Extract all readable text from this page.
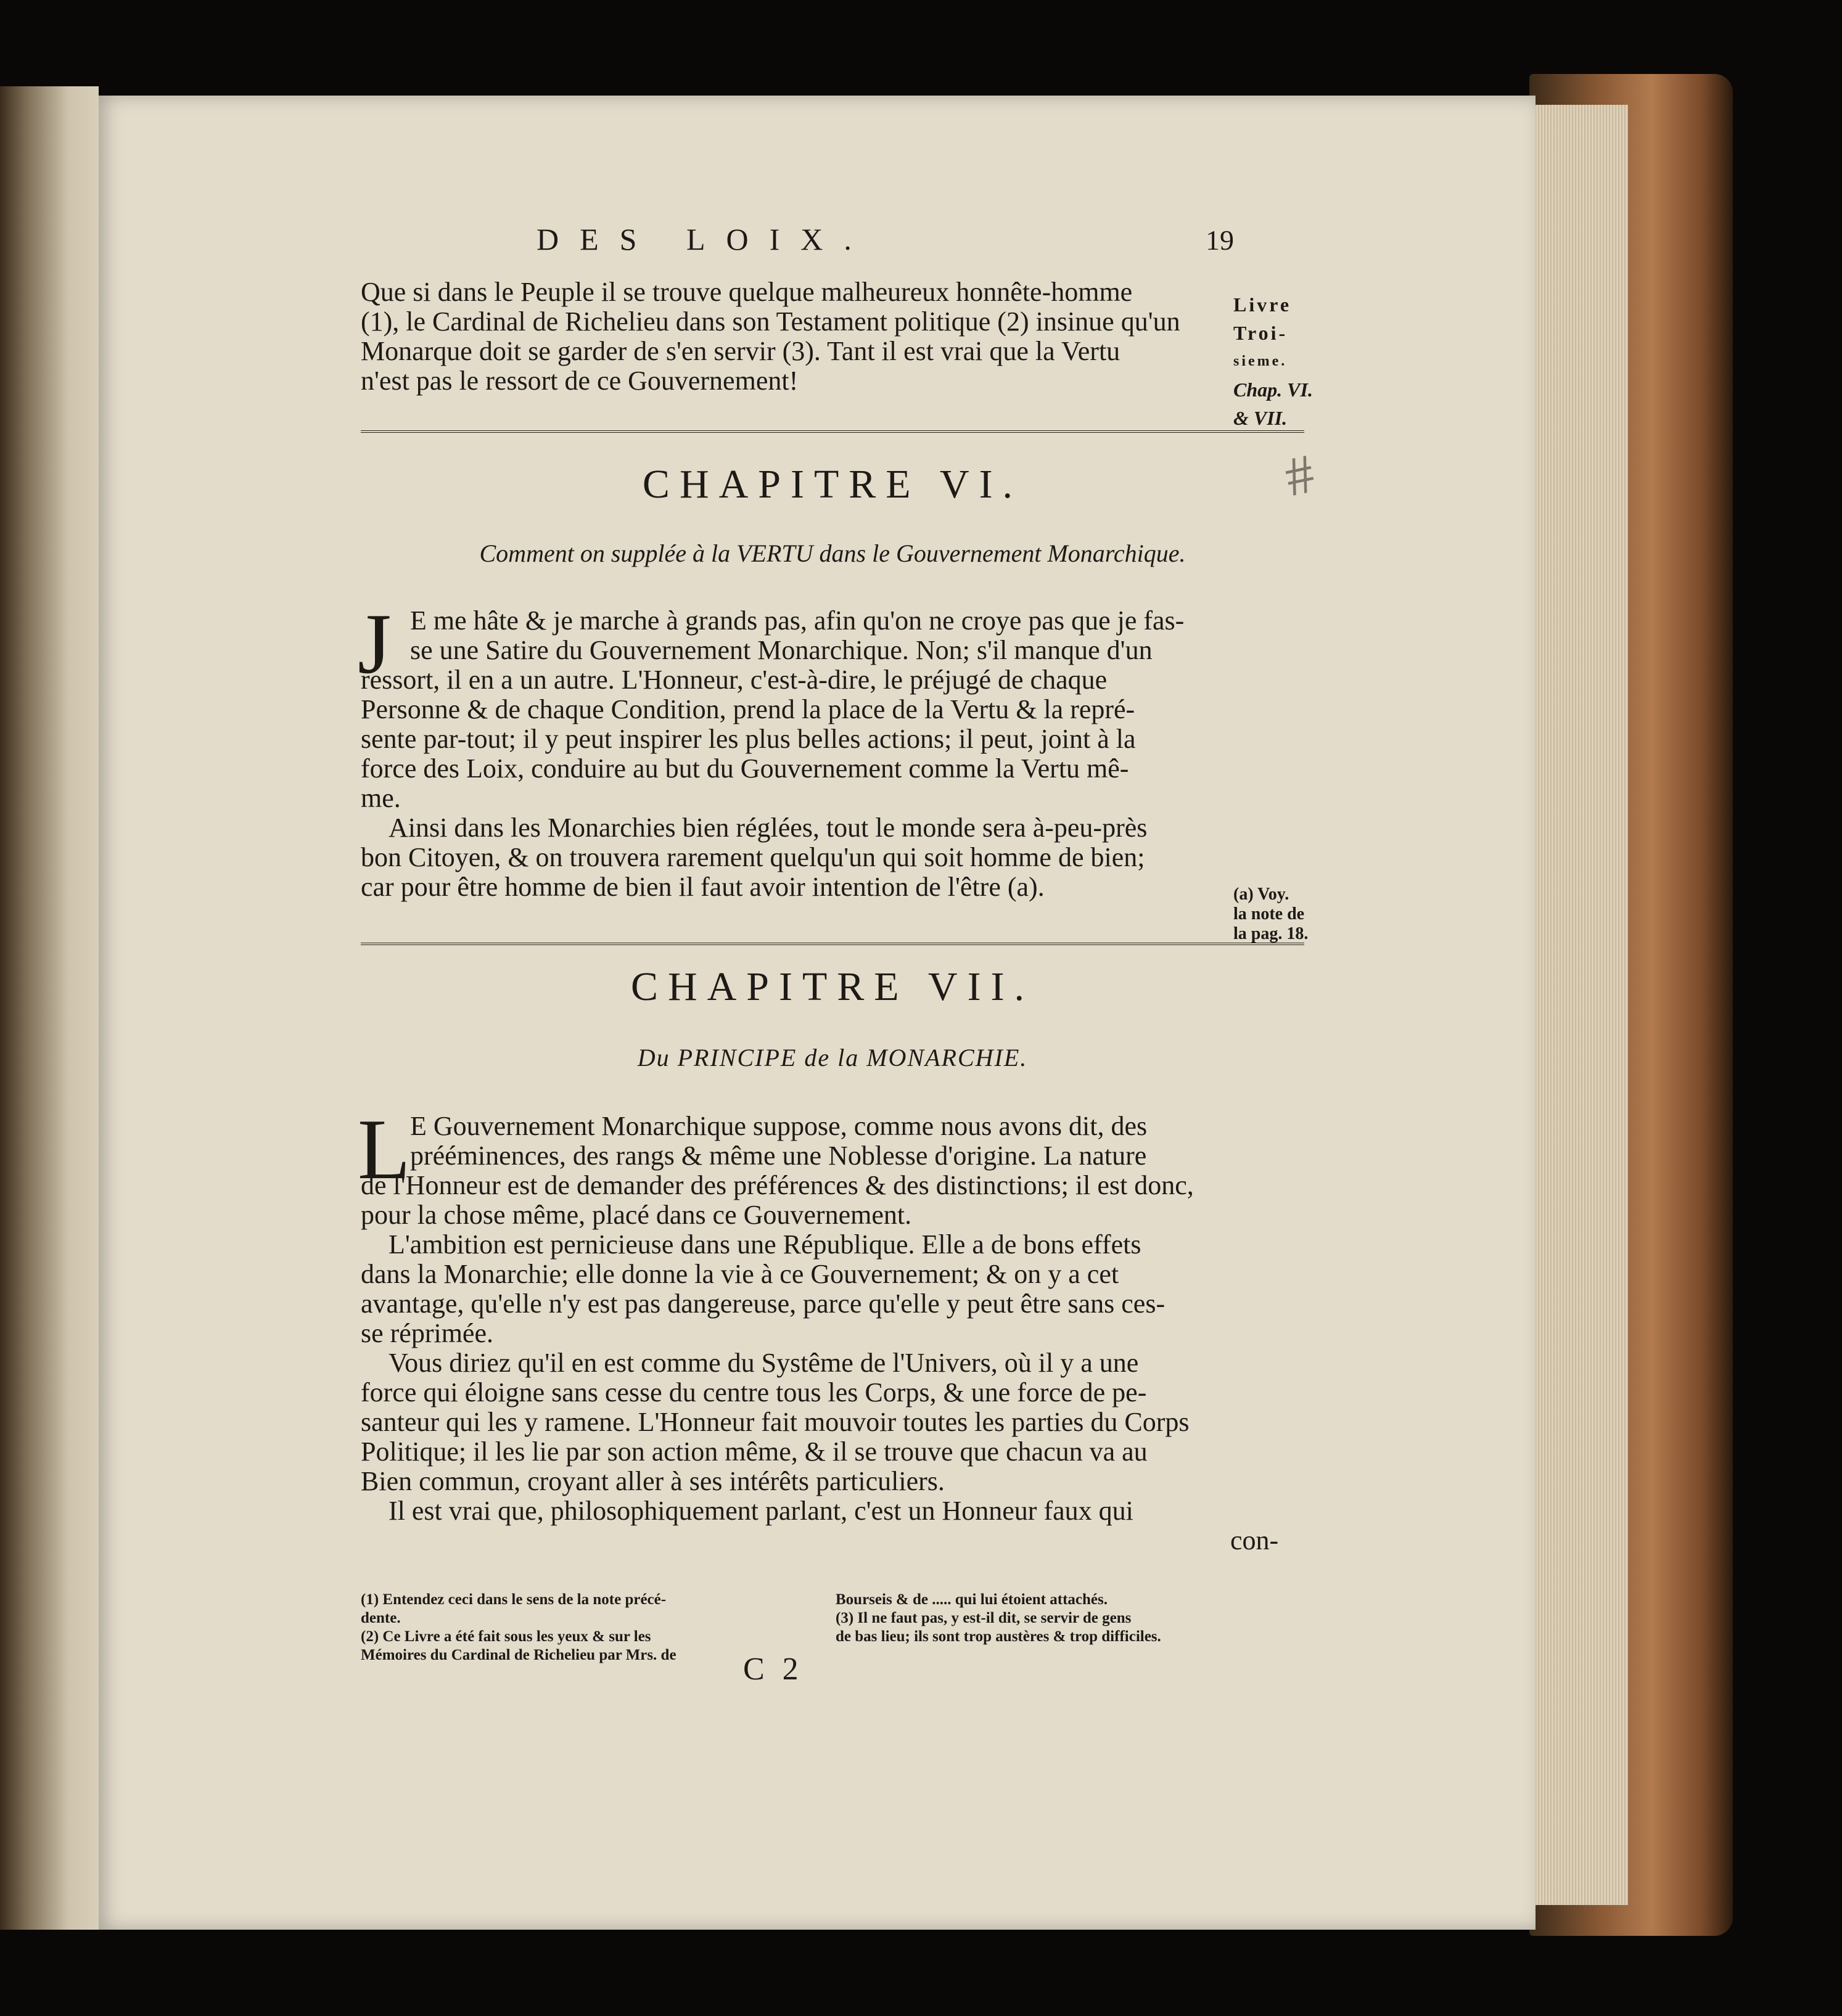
DES LOIX.	19
Livre
Troi-
sieme.
Chap. VI.
& VII.
#
Que si dans le Peuple il se trouve quelque malheureux honnête-homme
(1), le Cardinal de Richelieu dans son Testament politique (2) insinue qu'un
Monarque doit se garder de s'en servir (3). Tant il est vrai que la Vertu
n'est pas le ressort de ce Gouvernement!
CHAPITRE VI.
Comment on supplée à la VERTU dans le Gouvernement Monarchique.
J E me hâte & je marche à grands pas, afin qu'on ne croye pas que je fas-
se une Satire du Gouvernement Monarchique. Non; s'il manque d'un
ressort, il en a un autre. L'Honneur, c'est-à-dire, le préjugé de chaque
Personne & de chaque Condition, prend la place de la Vertu & la repré-
sente par-tout; il y peut inspirer les plus belles actions; il peut, joint à la
force des Loix, conduire au but du Gouvernement comme la Vertu mê-
me.
Ainsi dans les Monarchies bien réglées, tout le monde sera à-peu-près
bon Citoyen, & on trouvera rarement quelqu'un qui soit homme de bien;
car pour être homme de bien il faut avoir intention de l'être (a).	(a) Voy.
la note de
la pag. 18.
CHAPITRE VII.
Du PRINCIPE de la MONARCHIE.
L E Gouvernement Monarchique suppose, comme nous avons dit, des
prééminences, des rangs & même une Noblesse d'origine. La nature
de l'Honneur est de demander des préférences & des distinctions; il est donc,
pour la chose même, placé dans ce Gouvernement.
L'ambition est pernicieuse dans une République. Elle a de bons effets
dans la Monarchie; elle donne la vie à ce Gouvernement; & on y a cet
avantage, qu'elle n'y est pas dangereuse, parce qu'elle y peut être sans ces-
se réprimée.
Vous diriez qu'il en est comme du Systême de l'Univers, où il y a une
force qui éloigne sans cesse du centre tous les Corps, & une force de pe-
santeur qui les y ramene. L'Honneur fait mouvoir toutes les parties du Corps
Politique; il les lie par son action même, & il se trouve que chacun va au
Bien commun, croyant aller à ses intérêts particuliers.
Il est vrai que, philosophiquement parlant, c'est un Honneur faux qui
con-
(1) Entendez ceci dans le sens de la note précé-
dente.
(2) Ce Livre a été fait sous les yeux & sur les
Mémoires du Cardinal de Richelieu par Mrs. de
Bourseis & de ..... qui lui étoient attachés.
(3) Il ne faut pas, y est-il dit, se servir de gens
de bas lieu; ils sont trop austères & trop difficiles.
C 2
